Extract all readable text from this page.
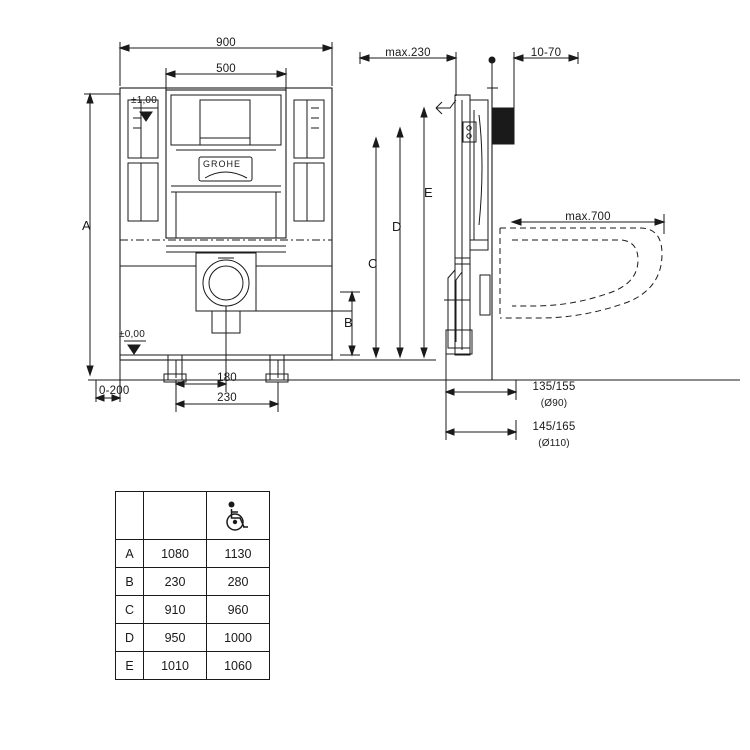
900
500
A
B
C
D
E
±1,00
±0,00
0-200
180
230
max.230	10-70
max.700
135/155
(Ø90)
145/165
(Ø110)
GROHE

A	1080	1130
B	230	280
C	910	960
D	950	1000
E	1010	1060
